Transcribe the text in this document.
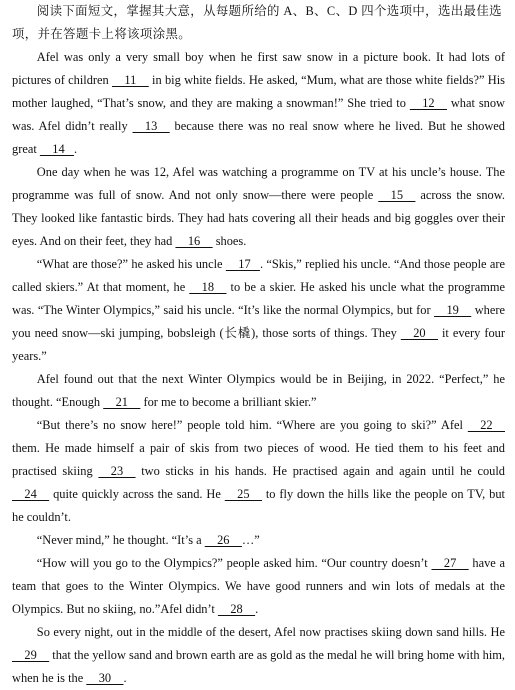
阅读下面短文，掌握其大意，从每题所给的 A、B、C、D 四个选项中，选出最佳选项，并在答题卡上将该项涂黑。

Afel was only a very small boy when he first saw snow in a picture book. It had lots of pictures of children     11     in big white fields. He asked, “Mum, what are those white fields?” His mother laughed, “That’s snow, and they are making a snowman!” She tried to     12     what snow was. Afel didn’t really     13     because there was no real snow where he lived. But he showed great     14   .

One day when he was 12, Afel was watching a programme on TV at his uncle’s house. The programme was full of snow. And not only snow—there were people     15     across the snow. They looked like fantastic birds. They had hats covering all their heads and big goggles over their eyes. And on their feet, they had     16     shoes.

“What are those?” he asked his uncle     17   . “Skis,” replied his uncle. “And those people are called skiers.” At that moment, he     18     to be a skier. He asked his uncle what the programme was. “The Winter Olympics,” said his uncle. “It’s like the normal Olympics, but for     19     where you need snow—ski jumping, bobsleigh (长橇), those sorts of things. They     20     it every four years.”

Afel found out that the next Winter Olympics would be in Beijing, in 2022. “Perfect,” he thought. “Enough     21     for me to become a brilliant skier.”

“But there’s no snow here!” people told him. “Where are you going to ski?” Afel     22     them. He made himself a pair of skis from two pieces of wood. He tied them to his feet and practised skiing     23     two sticks in his hands. He practised again and again until he could     24     quite quickly across the sand. He     25     to fly down the hills like the people on TV, but he couldn’t.

“Never mind,” he thought. “It’s a     26    …”

“How will you go to the Olympics?” people asked him. “Our country doesn’t     27     have a team that goes to the Winter Olympics. We have good runners and win lots of medals at the Olympics. But no skiing, no.”Afel didn’t     28    .

So every night, out in the middle of the desert, Afel now practises skiing down sand hills. He     29     that the yellow sand and brown earth are as gold as the medal he will bring home with him, when he is the     30    .
